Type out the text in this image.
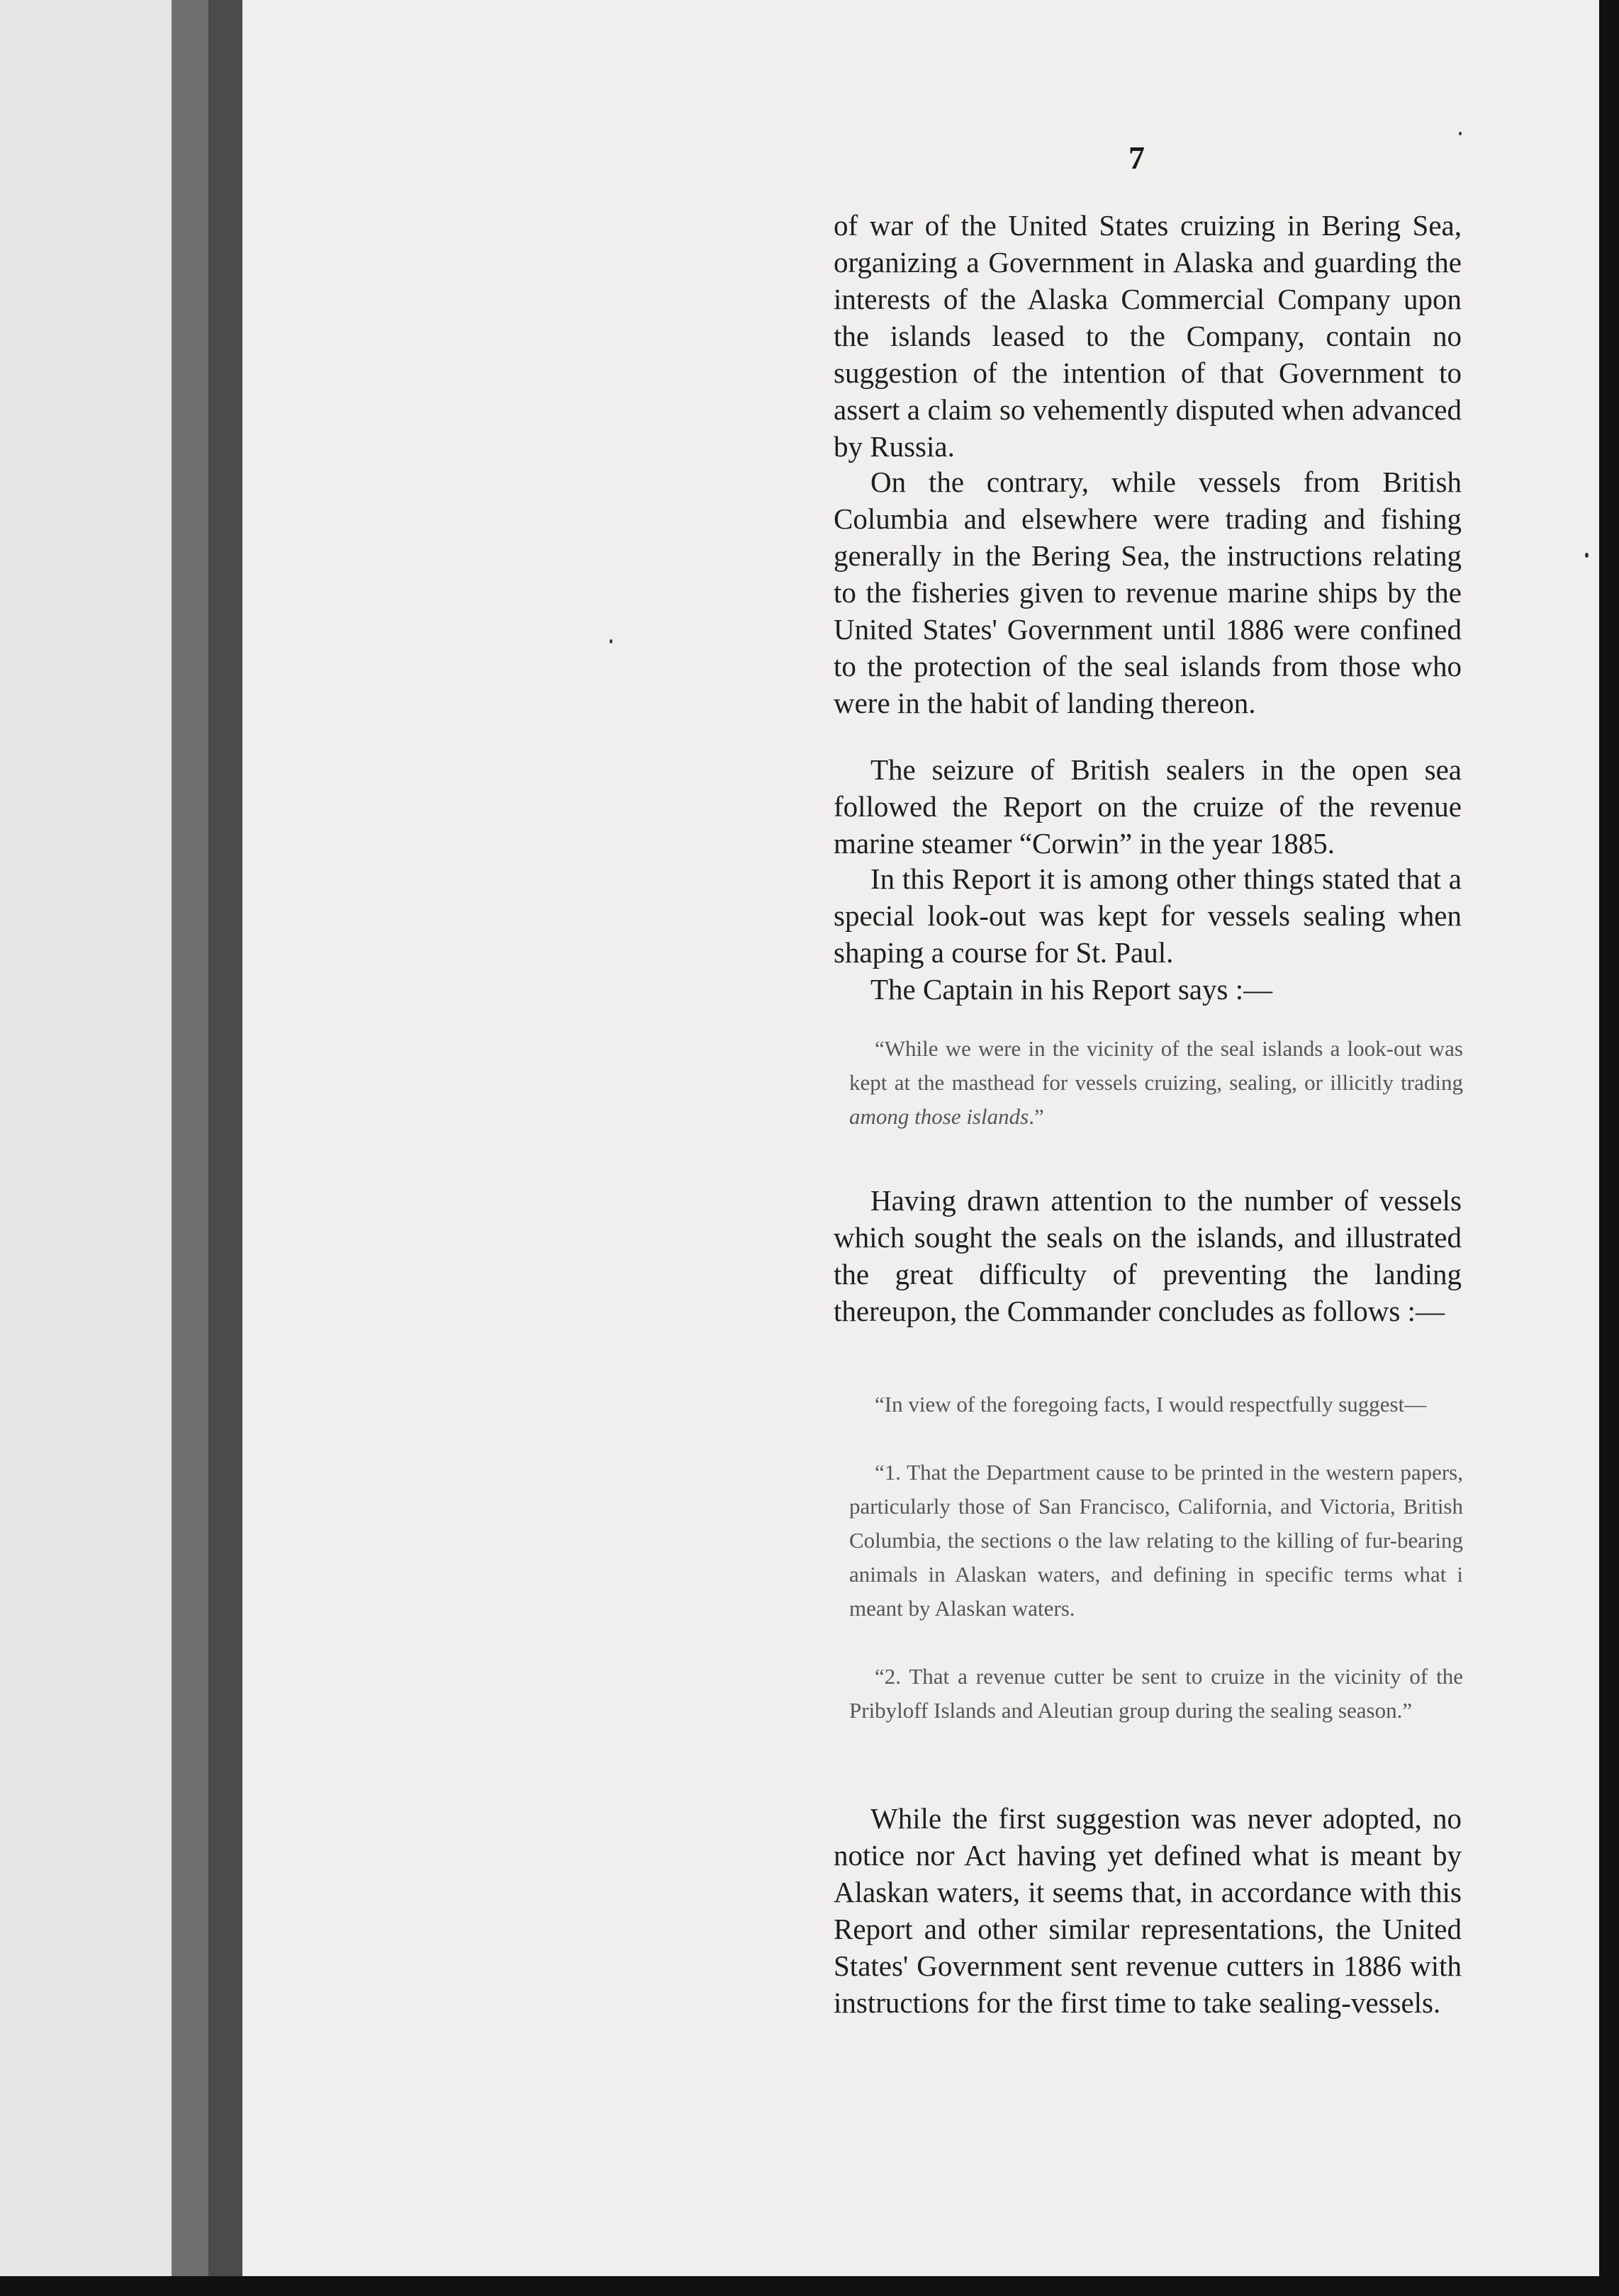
7

of war of the United States cruizing in Bering Sea, organizing a Government in Alaska and guarding the interests of the Alaska Commercial Company upon the islands leased to the Company, contain no suggestion of the intention of that Government to assert a claim so vehemently disputed when advanced by Russia.

On the contrary, while vessels from British Columbia and elsewhere were trading and fishing generally in the Bering Sea, the instructions relating to the fisheries given to revenue marine ships by the United States' Government until 1886 were confined to the protection of the seal islands from those who were in the habit of landing thereon.

The seizure of British sealers in the open sea followed the Report on the cruize of the revenue marine steamer “Corwin” in the year 1885.

In this Report it is among other things stated that a special look-out was kept for vessels sealing when shaping a course for St. Paul.

The Captain in his Report says :—

“While we were in the vicinity of the seal islands a look-out was kept at the masthead for vessels cruizing, sealing, or illicitly trading among those islands.”

Having drawn attention to the number of vessels which sought the seals on the islands, and illustrated the great difficulty of preventing the landing thereupon, the Commander concludes as follows :—

“In view of the foregoing facts, I would respectfully suggest—

“1. That the Department cause to be printed in the western papers, particularly those of San Francisco, California, and Victoria, British Columbia, the sections o the law relating to the killing of fur-bearing animals in Alaskan waters, and defining in specific terms what i meant by Alaskan waters.

“2. That a revenue cutter be sent to cruize in the vicinity of the Pribyloff Islands and Aleutian group during the sealing season.”

While the first suggestion was never adopted, no notice nor Act having yet defined what is meant by Alaskan waters, it seems that, in accordance with this Report and other similar representations, the United States' Government sent revenue cutters in 1886 with instructions for the first time to take sealing-vessels.
